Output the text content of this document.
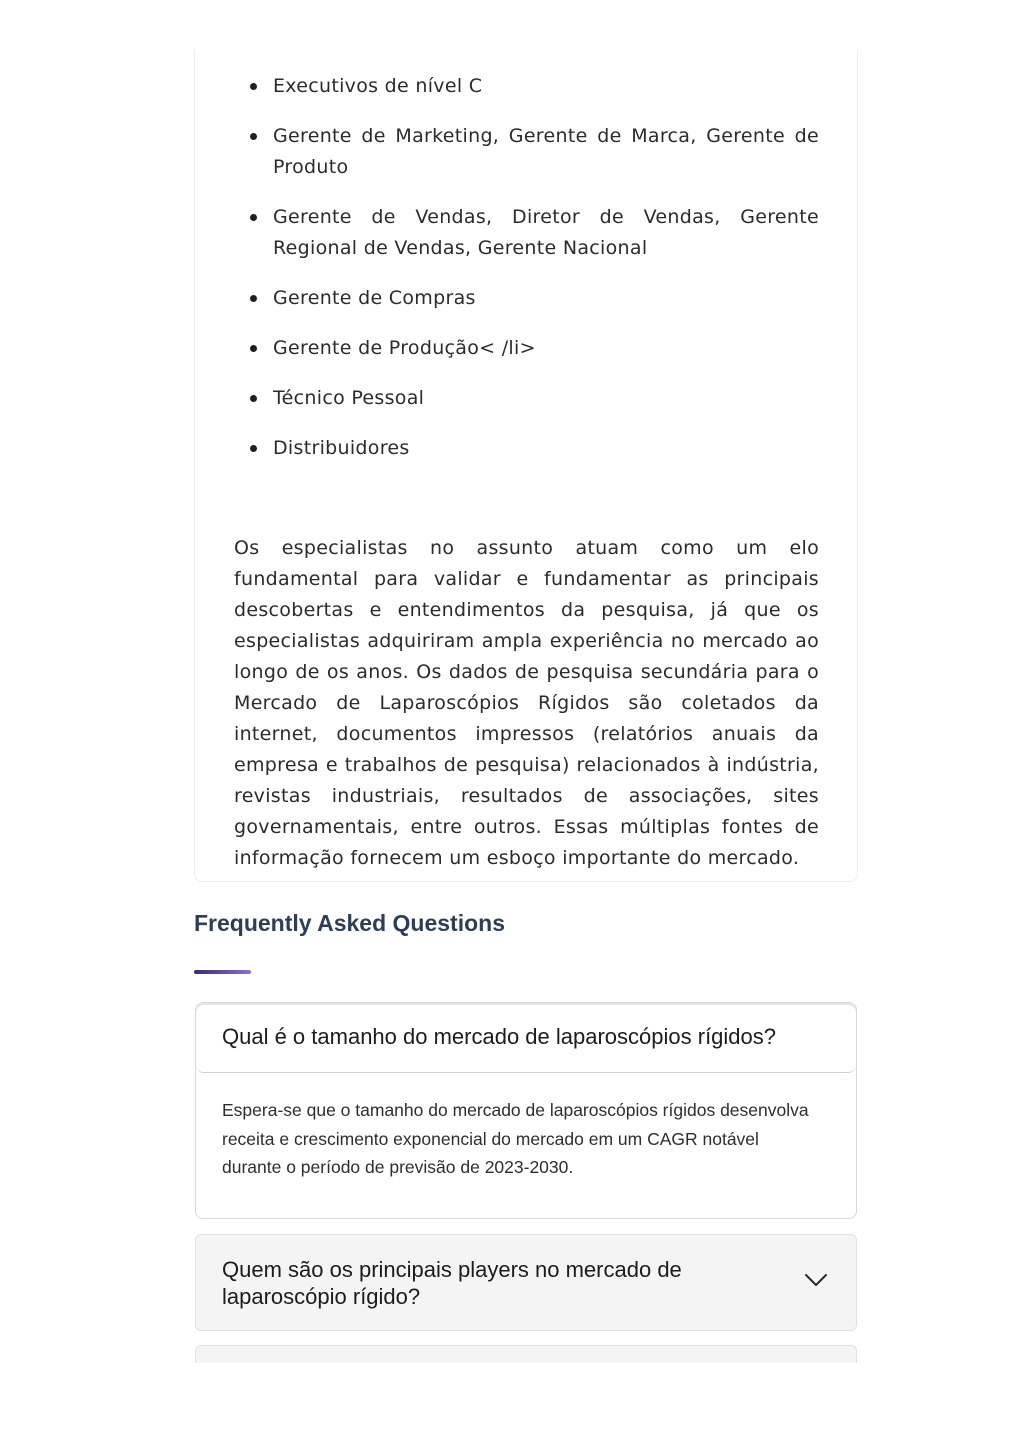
Executivos de nível C
Gerente de Marketing, Gerente de Marca, Gerente de Produto
Gerente de Vendas, Diretor de Vendas, Gerente Regional de Vendas, Gerente Nacional
Gerente de Compras
Gerente de Produção< /li>
Técnico Pessoal
Distribuidores

Os especialistas no assunto atuam como um elo fundamental para validar e fundamentar as principais descobertas e entendimentos da pesquisa, já que os especialistas adquiriram ampla experiência no mercado ao longo de os anos. Os dados de pesquisa secundária para o Mercado de Laparoscópios Rígidos são coletados da internet, documentos impressos (relatórios anuais da empresa e trabalhos de pesquisa) relacionados à indústria, revistas industriais, resultados de associações, sites governamentais, entre outros. Essas múltiplas fontes de informação fornecem um esboço importante do mercado.

Frequently Asked Questions
Qual é o tamanho do mercado de laparoscópios rígidos?

Espera-se que o tamanho do mercado de laparoscópios rígidos desenvolva receita e crescimento exponencial do mercado em um CAGR notável durante o período de previsão de 2023-2030.

Quem são os principais players no mercado de laparoscópio rígido?
